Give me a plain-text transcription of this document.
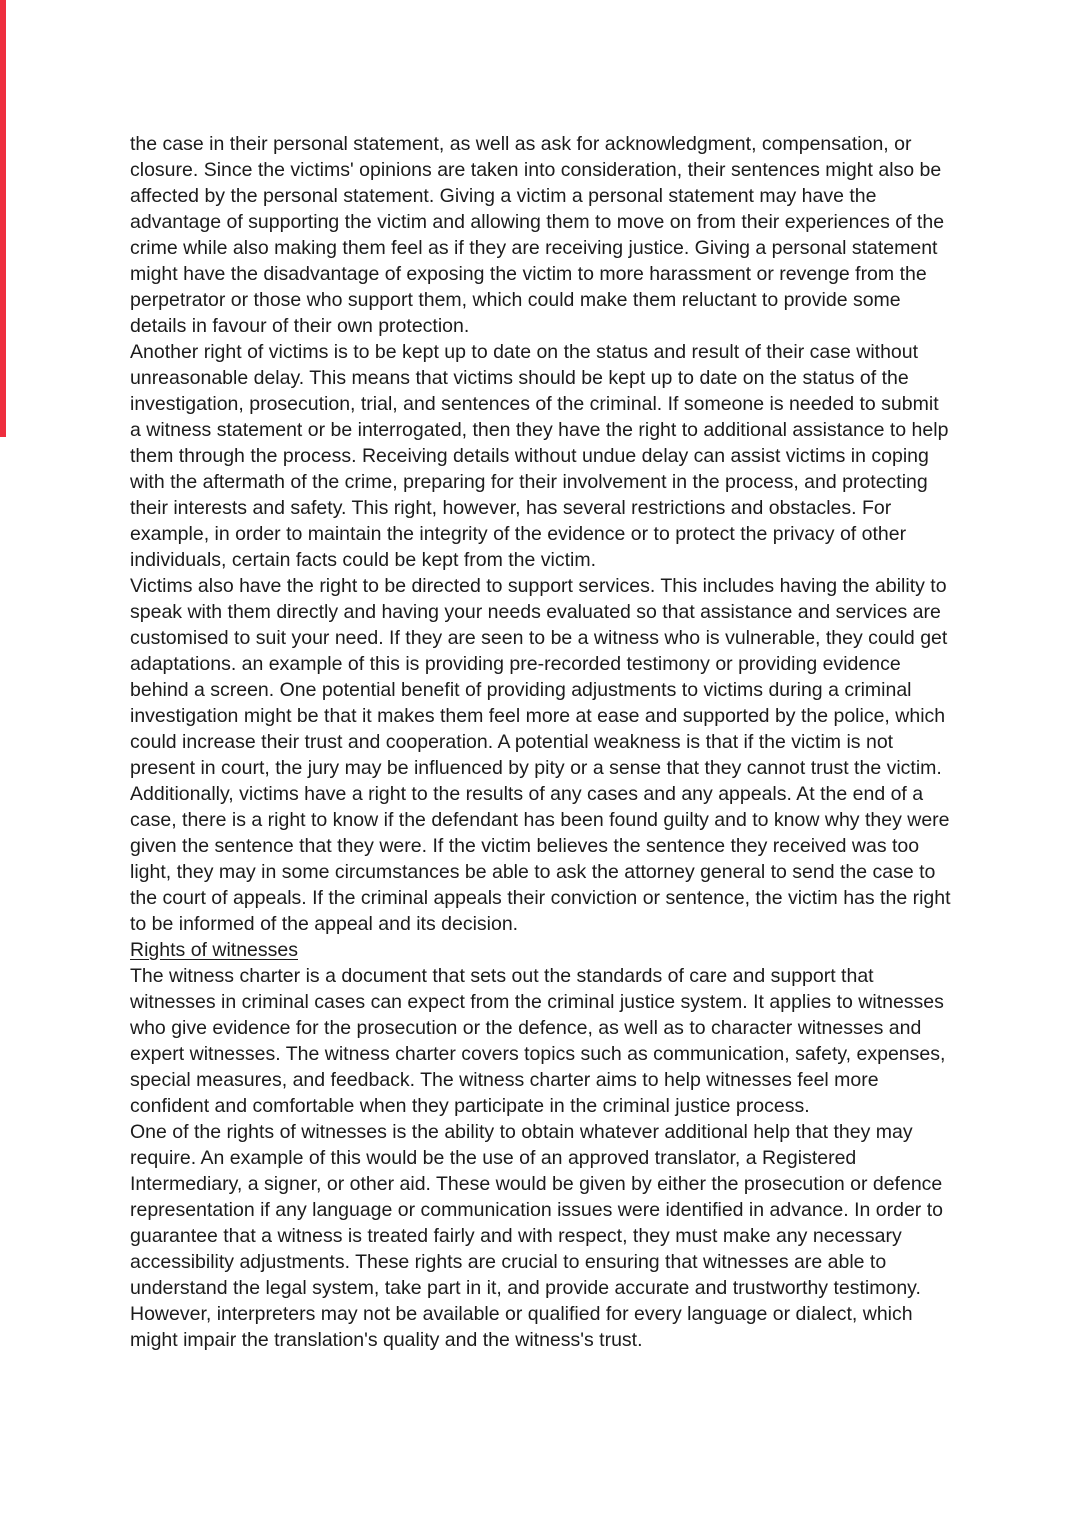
the case in their personal statement, as well as ask for acknowledgment, compensation, or closure. Since the victims' opinions are taken into consideration, their sentences might also be affected by the personal statement. Giving a victim a personal statement may have the advantage of supporting the victim and allowing them to move on from their experiences of the crime while also making them feel as if they are receiving justice. Giving a personal statement might have the disadvantage of exposing the victim to more harassment or revenge from the perpetrator or those who support them, which could make them reluctant to provide some details in favour of their own protection.

Another right of victims is to be kept up to date on the status and result of their case without unreasonable delay. This means that victims should be kept up to date on the status of the investigation, prosecution, trial, and sentences of the criminal. If someone is needed to submit a witness statement or be interrogated, then they have the right to additional assistance to help them through the process. Receiving details without undue delay can assist victims in coping with the aftermath of the crime, preparing for their involvement in the process, and protecting their interests and safety. This right, however, has several restrictions and obstacles. For example, in order to maintain the integrity of the evidence or to protect the privacy of other individuals, certain facts could be kept from the victim.

Victims also have the right to be directed to support services. This includes having the ability to speak with them directly and having your needs evaluated so that assistance and services are customised to suit your need. If they are seen to be a witness who is vulnerable, they could get adaptations. an example of this is providing pre-recorded testimony or providing evidence behind a screen. One potential benefit of providing adjustments to victims during a criminal investigation might be that it makes them feel more at ease and supported by the police, which could increase their trust and cooperation. A potential weakness is that if the victim is not present in court, the jury may be influenced by pity or a sense that they cannot trust the victim.

Additionally, victims have a right to the results of any cases and any appeals. At the end of a case, there is a right to know if the defendant has been found guilty and to know why they were given the sentence that they were. If the victim believes the sentence they received was too light, they may in some circumstances be able to ask the attorney general to send the case to the court of appeals. If the criminal appeals their conviction or sentence, the victim has the right to be informed of the appeal and its decision.

Rights of witnesses

The witness charter is a document that sets out the standards of care and support that witnesses in criminal cases can expect from the criminal justice system. It applies to witnesses who give evidence for the prosecution or the defence, as well as to character witnesses and expert witnesses. The witness charter covers topics such as communication, safety, expenses, special measures, and feedback. The witness charter aims to help witnesses feel more confident and comfortable when they participate in the criminal justice process.

One of the rights of witnesses is the ability to obtain whatever additional help that they may require. An example of this would be the use of an approved translator, a Registered Intermediary, a signer, or other aid. These would be given by either the prosecution or defence representation if any language or communication issues were identified in advance. In order to guarantee that a witness is treated fairly and with respect, they must make any necessary accessibility adjustments. These rights are crucial to ensuring that witnesses are able to understand the legal system, take part in it, and provide accurate and trustworthy testimony. However, interpreters may not be available or qualified for every language or dialect, which might impair the translation's quality and the witness's trust.
